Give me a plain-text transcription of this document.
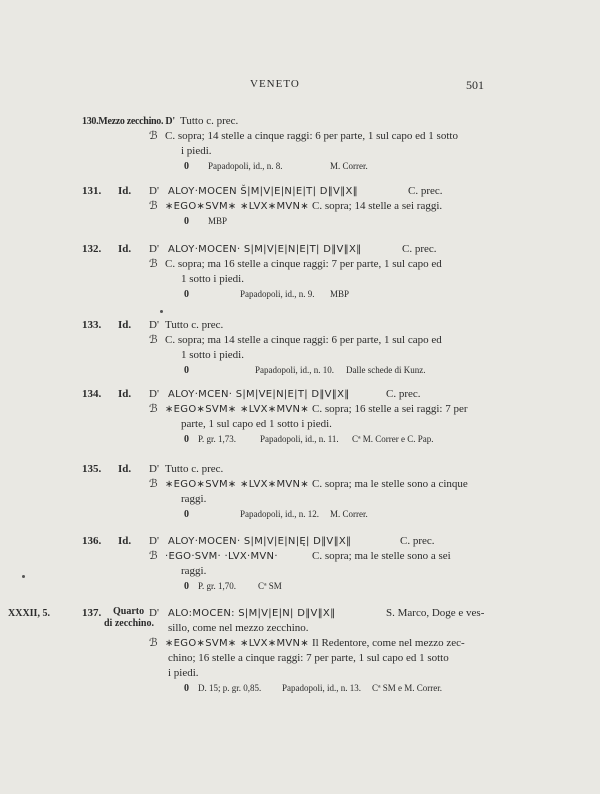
VENETO	501
130.Mezzo zecchino. D' Tutto c. prec.
ℬ C. sopra; 14 stelle a cinque raggi: 6 per parte, 1 sul capo ed 1 sotto
i piedi.
0 Papadopoli, id., n. 8.	M. Correr.
131. Id. D' ALOY·MOCEN Š|M|V|E|N|E|T| D‖V‖X‖	C. prec.
ℬ ∗EGO∗SVM∗ ∗LVX∗MVN∗ C. sopra; 14 stelle a sei raggi.
0 MBP
132. Id. D' ALOY·MOCEN· S|M|V|E|N|E|T| D‖V‖X‖	C. prec.
ℬ C. sopra; ma 16 stelle a cinque raggi: 7 per parte, 1 sul capo ed
1 sotto i piedi.
0	Papadopoli, id., n. 9. MBP
133. Id. D' Tutto c. prec.
ℬ C. sopra; ma 14 stelle a cinque raggi: 6 per parte, 1 sul capo ed
1 sotto i piedi.
0	Papadopoli, id., n. 10. Dalle schede di Kunz.
134. Id. D' ALOY·MCEN· S|M|VE|N|E|T| D‖V‖X‖	C. prec.
ℬ ∗EGO∗SVM∗ ∗LVX∗MVN∗ C. sopra; 16 stelle a sei raggi: 7 per
parte, 1 sul capo ed 1 sotto i piedi.
0 P. gr. 1,73.	Papadopoli, id., n. 11. Cª M. Correr e C. Pap.
135. Id. D' Tutto c. prec.
ℬ ∗EGO∗SVM∗ ∗LVX∗MVN∗ C. sopra; ma le stelle sono a cinque
raggi.
0	Papadopoli, id., n. 12. M. Correr.
136. Id. D' ALOY·MOCEN· S|M|V|E|N|Ę| D‖V‖X‖	C. prec.
ℬ ·EGO·SVM· ·LVX·MVN·	C. sopra; ma le stelle sono a sei
raggi.
0 P. gr. 1,70. Cª SM
XXXII, 5.	137. Quarto
di zecchino.
D' ALO:MOCEN: S|M|V|E|N| D‖V‖X‖	S. Marco, Doge e ves-
sillo, come nel mezzo zecchino.
ℬ ∗EGO∗SVM∗ ∗LVX∗MVN∗ Il Redentore, come nel mezzo zec-
chino; 16 stelle a cinque raggi: 7 per parte, 1 sul capo ed 1 sotto
i piedi.
0 D. 15; p. gr. 0,85. Papadopoli, id., n. 13. Cª SM e M. Correr.
